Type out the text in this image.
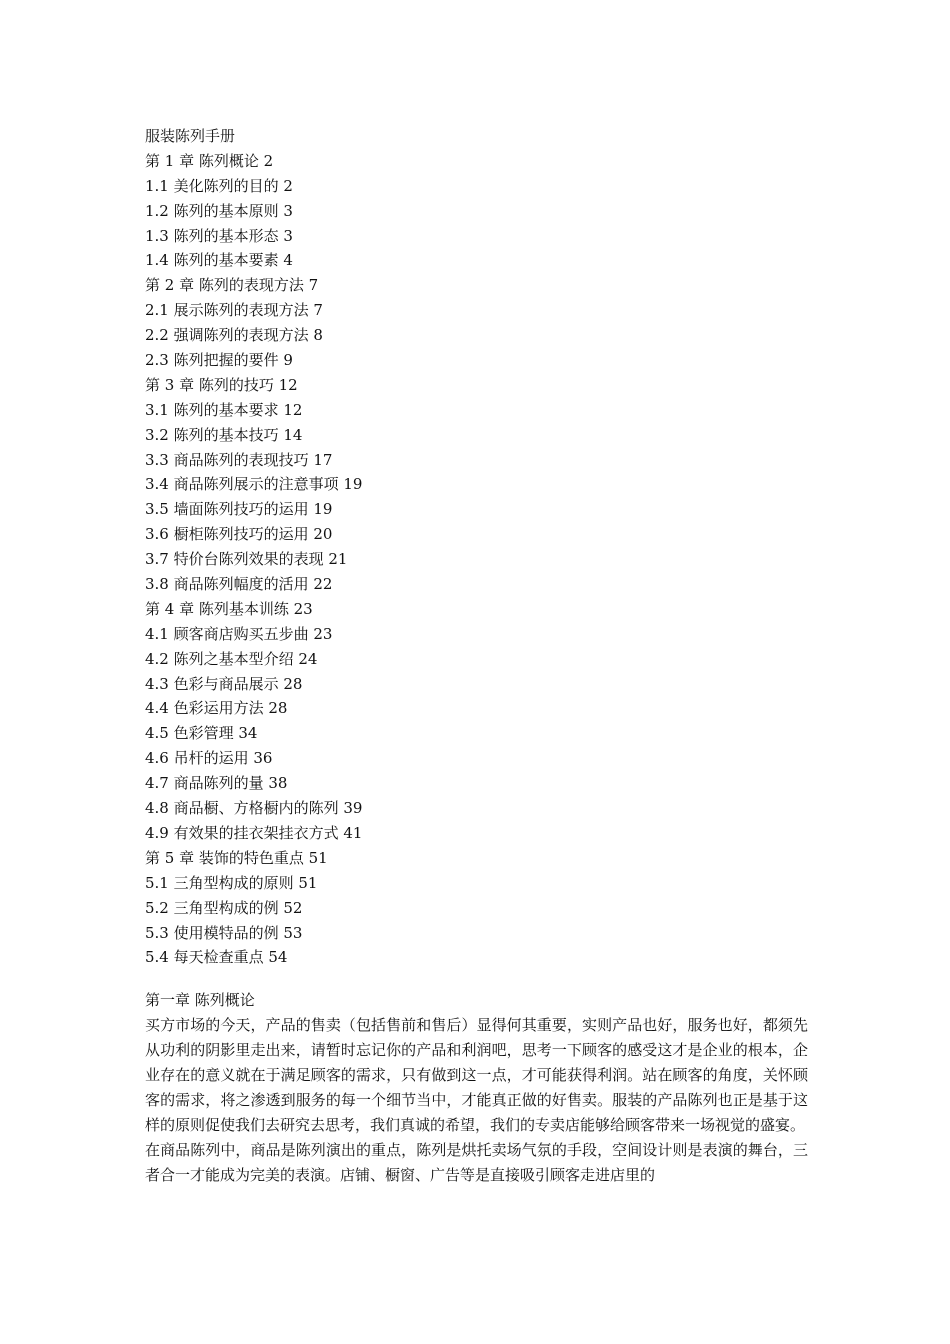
服装陈列手册
第 1 章 陈列概论 2
1.1 美化陈列的目的 2
1.2 陈列的基本原则 3
1.3 陈列的基本形态 3
1.4 陈列的基本要素 4
第 2 章 陈列的表现方法 7
2.1 展示陈列的表现方法 7
2.2 强调陈列的表现方法 8
2.3 陈列把握的要件 9
第 3 章 陈列的技巧 12
3.1 陈列的基本要求 12
3.2 陈列的基本技巧 14
3.3 商品陈列的表现技巧 17
3.4 商品陈列展示的注意事项 19
3.5 墙面陈列技巧的运用 19
3.6 橱柜陈列技巧的运用 20
3.7 特价台陈列效果的表现 21
3.8 商品陈列幅度的活用 22
第 4 章 陈列基本训练 23
4.1 顾客商店购买五步曲 23
4.2 陈列之基本型介绍 24
4.3 色彩与商品展示 28
4.4 色彩运用方法 28
4.5 色彩管理 34
4.6 吊杆的运用 36
4.7 商品陈列的量 38
4.8 商品橱、方格橱内的陈列 39
4.9 有效果的挂衣架挂衣方式 41
第 5 章 装饰的特色重点 51
5.1 三角型构成的原则 51
5.2 三角型构成的例 52
5.3 使用模特品的例 53
5.4 每天检查重点 54
第一章 陈列概论

买方市场的今天，产品的售卖（包括售前和售后）显得何其重要，实则产品也好，服务也好，都须先从功利的阴影里走出来，请暂时忘记你的产品和利润吧，思考一下顾客的感受这才是企业的根本，企业存在的意义就在于满足顾客的需求，只有做到这一点，才可能获得利润。站在顾客的角度，关怀顾客的需求，将之渗透到服务的每一个细节当中，才能真正做的好售卖。服装的产品陈列也正是基于这样的原则促使我们去研究去思考，我们真诚的希望，我们的专卖店能够给顾客带来一场视觉的盛宴。

在商品陈列中，商品是陈列演出的重点，陈列是烘托卖场气氛的手段，空间设计则是表演的舞台，三者合一才能成为完美的表演。店铺、橱窗、广告等是直接吸引顾客走进店里的
